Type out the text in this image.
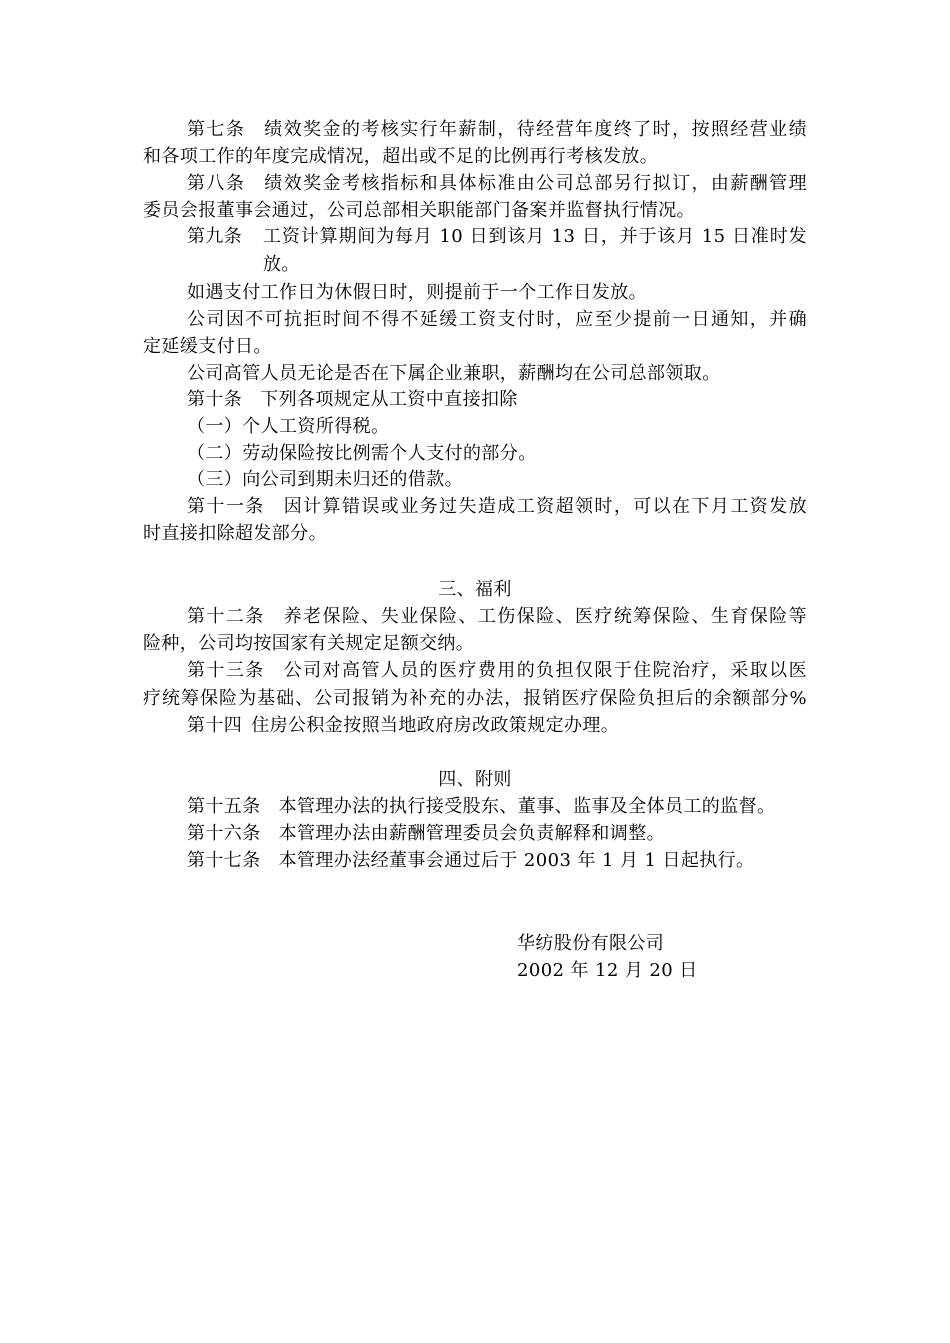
第七条 绩效奖金的考核实行年薪制，待经营年度终了时，按照经营业绩
和各项工作的年度完成情况，超出或不足的比例再行考核发放。
第八条 绩效奖金考核指标和具体标准由公司总部另行拟订，由薪酬管理
委员会报董事会通过，公司总部相关职能部门备案并监督执行情况。
第九条 工资计算期间为每月 10 日到该月 13 日，并于该月 15 日准时发
放。
如遇支付工作日为休假日时，则提前于一个工作日发放。
公司因不可抗拒时间不得不延缓工资支付时，应至少提前一日通知，并确
定延缓支付日。
公司高管人员无论是否在下属企业兼职，薪酬均在公司总部领取。
第十条 下列各项规定从工资中直接扣除
（一）个人工资所得税。
（二）劳动保险按比例需个人支付的部分。
（三）向公司到期未归还的借款。
第十一条 因计算错误或业务过失造成工资超领时，可以在下月工资发放
时直接扣除超发部分。
三、福利
第十二条 养老保险、失业保险、工伤保险、医疗统筹保险、生育保险等
险种，公司均按国家有关规定足额交纳。
第十三条 公司对高管人员的医疗费用的负担仅限于住院治疗，采取以医
疗统筹保险为基础、公司报销为补充的办法，报销医疗保险负担后的余额部分%
第十四 住房公积金按照当地政府房改政策规定办理。
四、附则
第十五条 本管理办法的执行接受股东、董事、监事及全体员工的监督。
第十六条 本管理办法由薪酬管理委员会负责解释和调整。
第十七条 本管理办法经董事会通过后于 2003 年 1 月 1 日起执行。
华纺股份有限公司
2002 年 12 月 20 日
